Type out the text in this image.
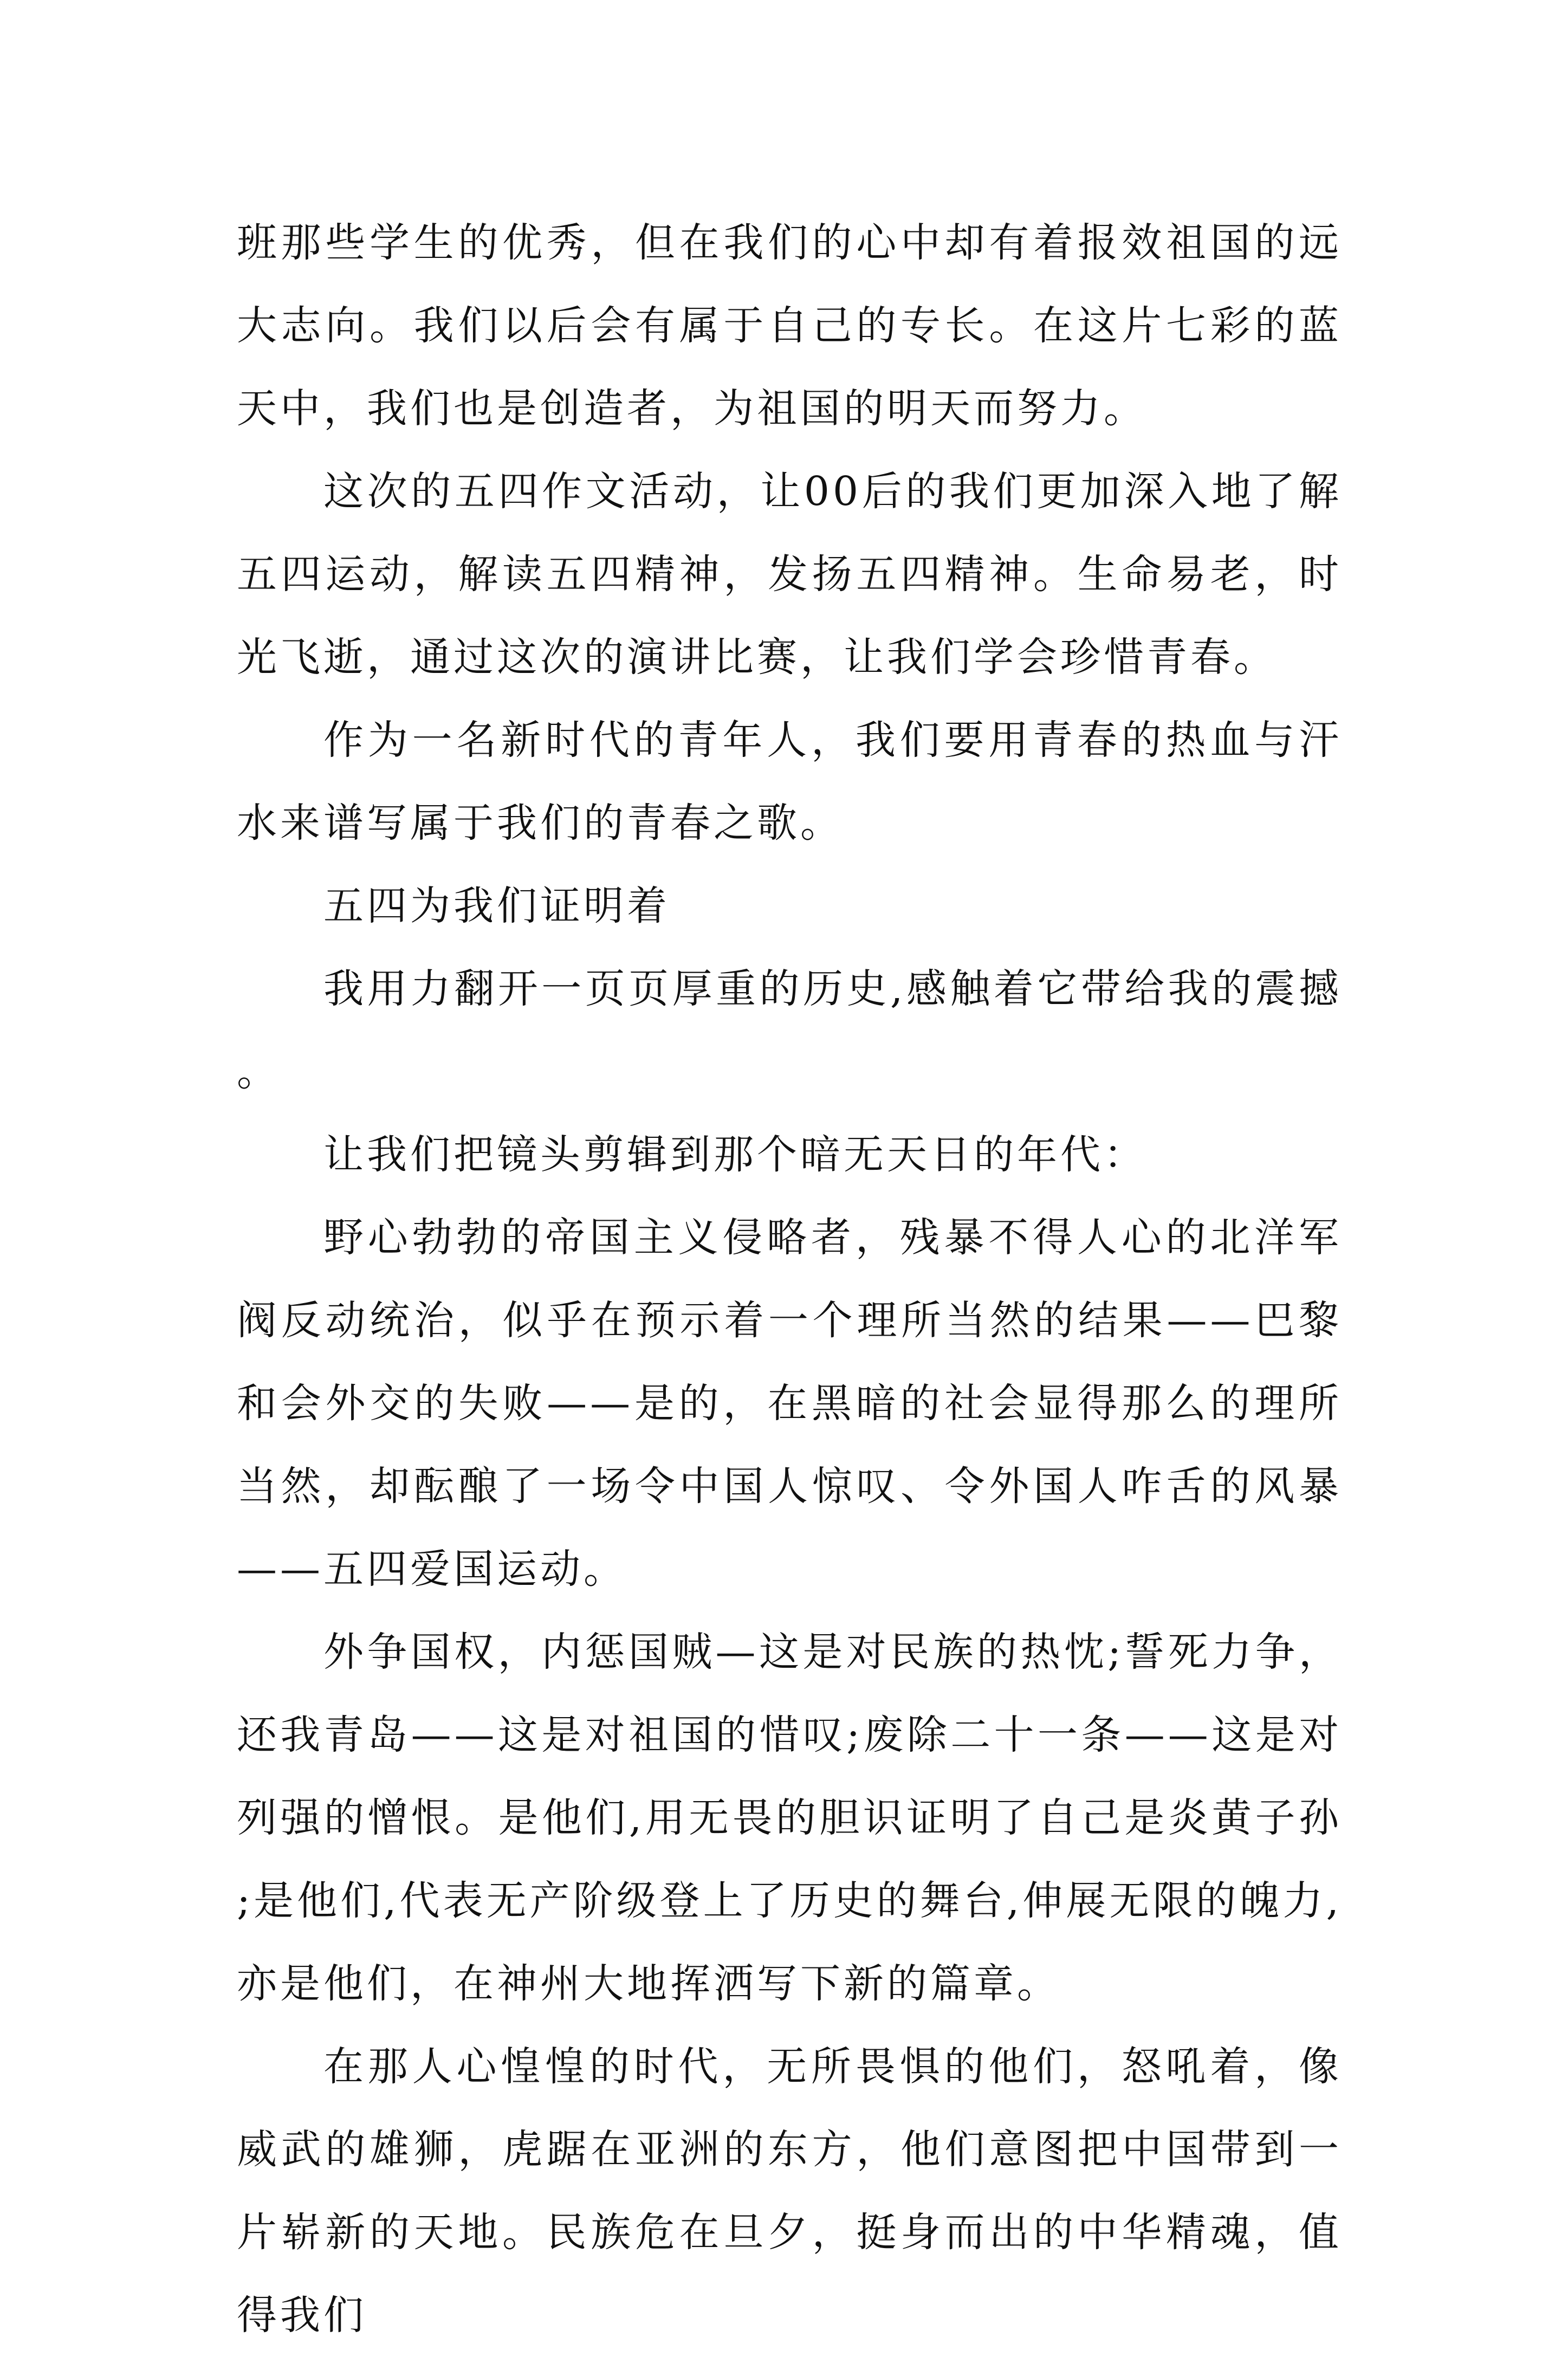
班那些学生的优秀，但在我们的心中却有着报效祖国的远大志向。我们以后会有属于自己的专长。在这片七彩的蓝天中，我们也是创造者，为祖国的明天而努力。

这次的五四作文活动，让00后的我们更加深入地了解五四运动，解读五四精神，发扬五四精神。生命易老，时光飞逝，通过这次的演讲比赛，让我们学会珍惜青春。

作为一名新时代的青年人，我们要用青春的热血与汗水来谱写属于我们的青春之歌。

五四为我们证明着

我用力翻开一页页厚重的历史,感触着它带给我的震撼。

让我们把镜头剪辑到那个暗无天日的年代：

野心勃勃的帝国主义侵略者，残暴不得人心的北洋军阀反动统治，似乎在预示着一个理所当然的结果——巴黎和会外交的失败——是的，在黑暗的社会显得那么的理所当然，却酝酿了一场令中国人惊叹、令外国人咋舌的风暴——五四爱国运动。

外争国权，内惩国贼—这是对民族的热忱;誓死力争，还我青岛——这是对祖国的惜叹;废除二十一条——这是对列强的憎恨。是他们,用无畏的胆识证明了自己是炎黄子孙;是他们,代表无产阶级登上了历史的舞台,伸展无限的魄力,亦是他们，在神州大地挥洒写下新的篇章。

在那人心惶惶的时代，无所畏惧的他们，怒吼着，像威武的雄狮，虎踞在亚洲的东方，他们意图把中国带到一片崭新的天地。民族危在旦夕，挺身而出的中华精魂，值得我们
